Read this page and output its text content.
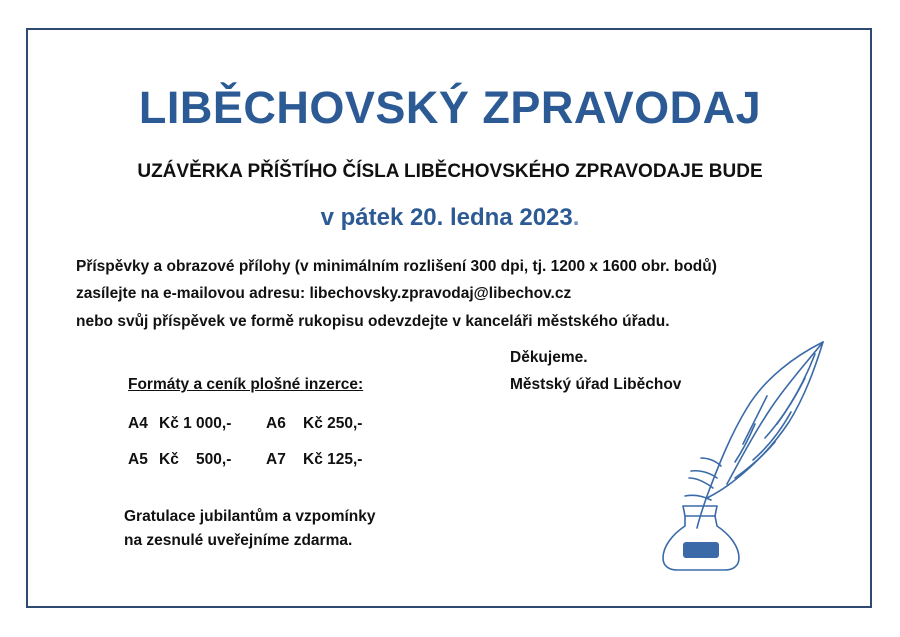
LIBĚCHOVSKÝ ZPRAVODAJ
UZÁVĚRKA PŘÍŠTÍHO ČÍSLA LIBĚCHOVSKÉHO ZPRAVODAJE BUDE
v pátek 20. ledna 2023.
Příspěvky a obrazové přílohy (v minimálním rozlišení 300 dpi, tj. 1200 x 1600 obr. bodů)
zasílejte na e-mailovou adresu: libechovsky.zpravodaj@libechov.cz
nebo svůj příspěvek ve formě rukopisu odevzdejte v kanceláři městského úřadu.
Děkujeme.
Městský úřad Liběchov
Formáty a ceník plošné inzerce:
A4 Kč 1 000,- A6 Kč 250,-
A5 Kč    500,- A7 Kč 125,-
Gratulace jubilantům a vzpomínky
na zesnulé uveřejníme zdarma.
